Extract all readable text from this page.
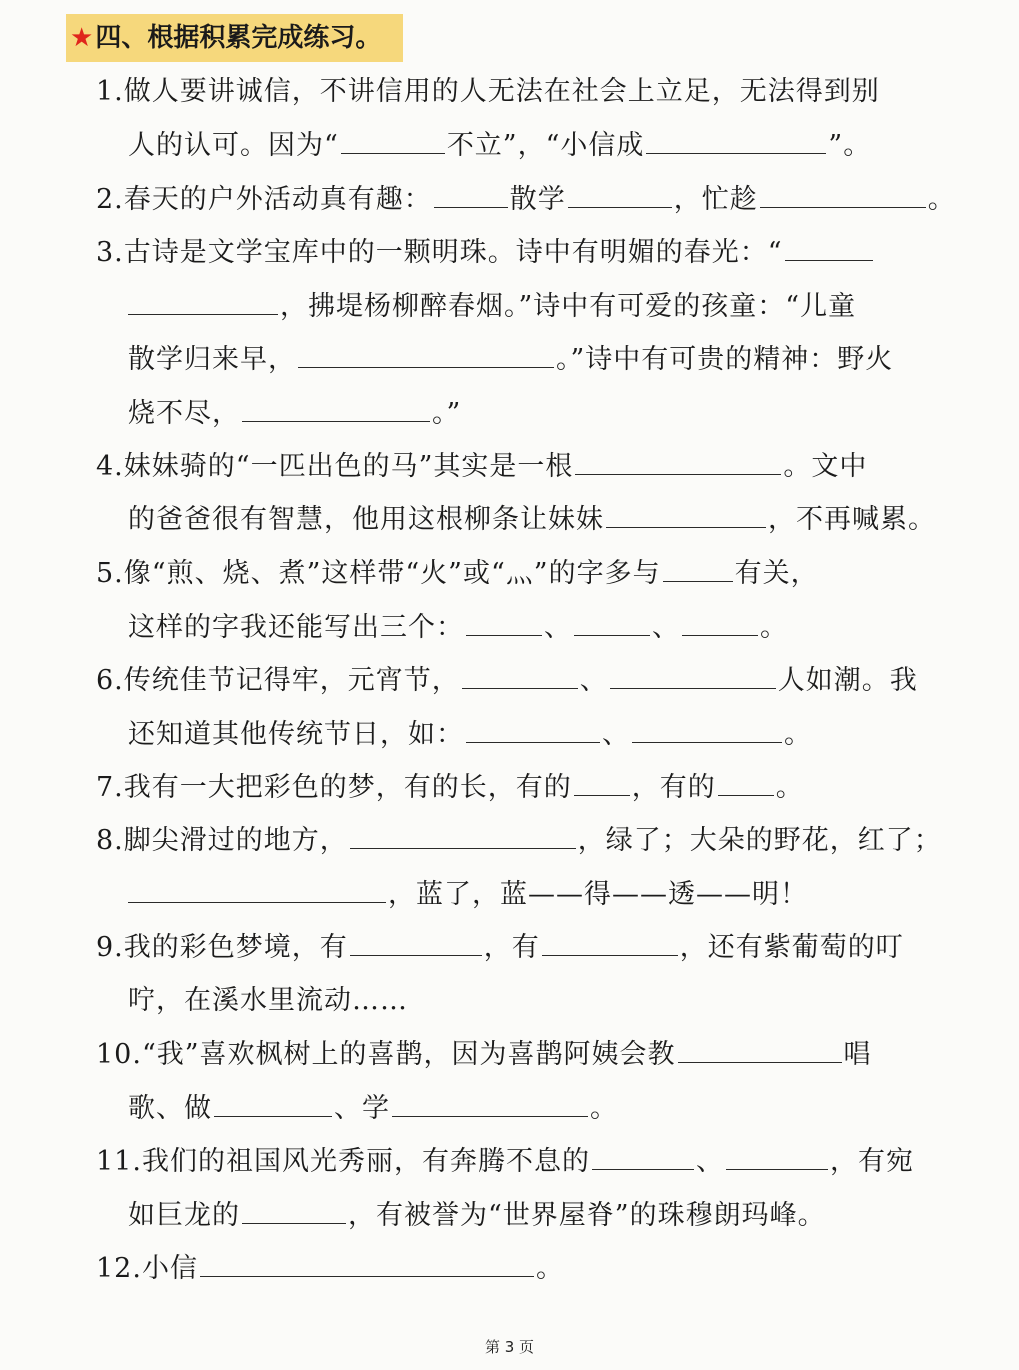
★四、根据积累完成练习。
1.做人要讲诚信，不讲信用的人无法在社会上立足，无法得到别
人的认可。因为“	不立”，“小信成	”。
2.春天的户外活动真有趣：	散学	，忙趁	。
3.古诗是文学宝库中的一颗明珠。诗中有明媚的春光：“
，拂堤杨柳醉春烟。”诗中有可爱的孩童：“儿童
散学归来早，	。”诗中有可贵的精神：野火
烧不尽，	。”
4.妹妹骑的“一匹出色的马”其实是一根	。文中
的爸爸很有智慧，他用这根柳条让妹妹	，不再喊累。
5.像“煎、烧、煮”这样带“火”或“灬”的字多与	有关，
这样的字我还能写出三个：	、	、	。
6.传统佳节记得牢，元宵节，	、	人如潮。我
还知道其他传统节日，如：	、	。
7.我有一大把彩色的梦，有的长，有的 ，有的 。
8.脚尖滑过的地方，	，绿了；大朵的野花，红了；
，蓝了，蓝——得——透——明！
9.我的彩色梦境，有	，有	，还有紫葡萄的叮
咛，在溪水里流动……
10.“我”喜欢枫树上的喜鹊，因为喜鹊阿姨会教	唱
歌、做	、学	。
11.我们的祖国风光秀丽，有奔腾不息的	、	，有宛
如巨龙的	，有被誉为“世界屋脊”的珠穆朗玛峰。
12.小信	。
第 3 页
